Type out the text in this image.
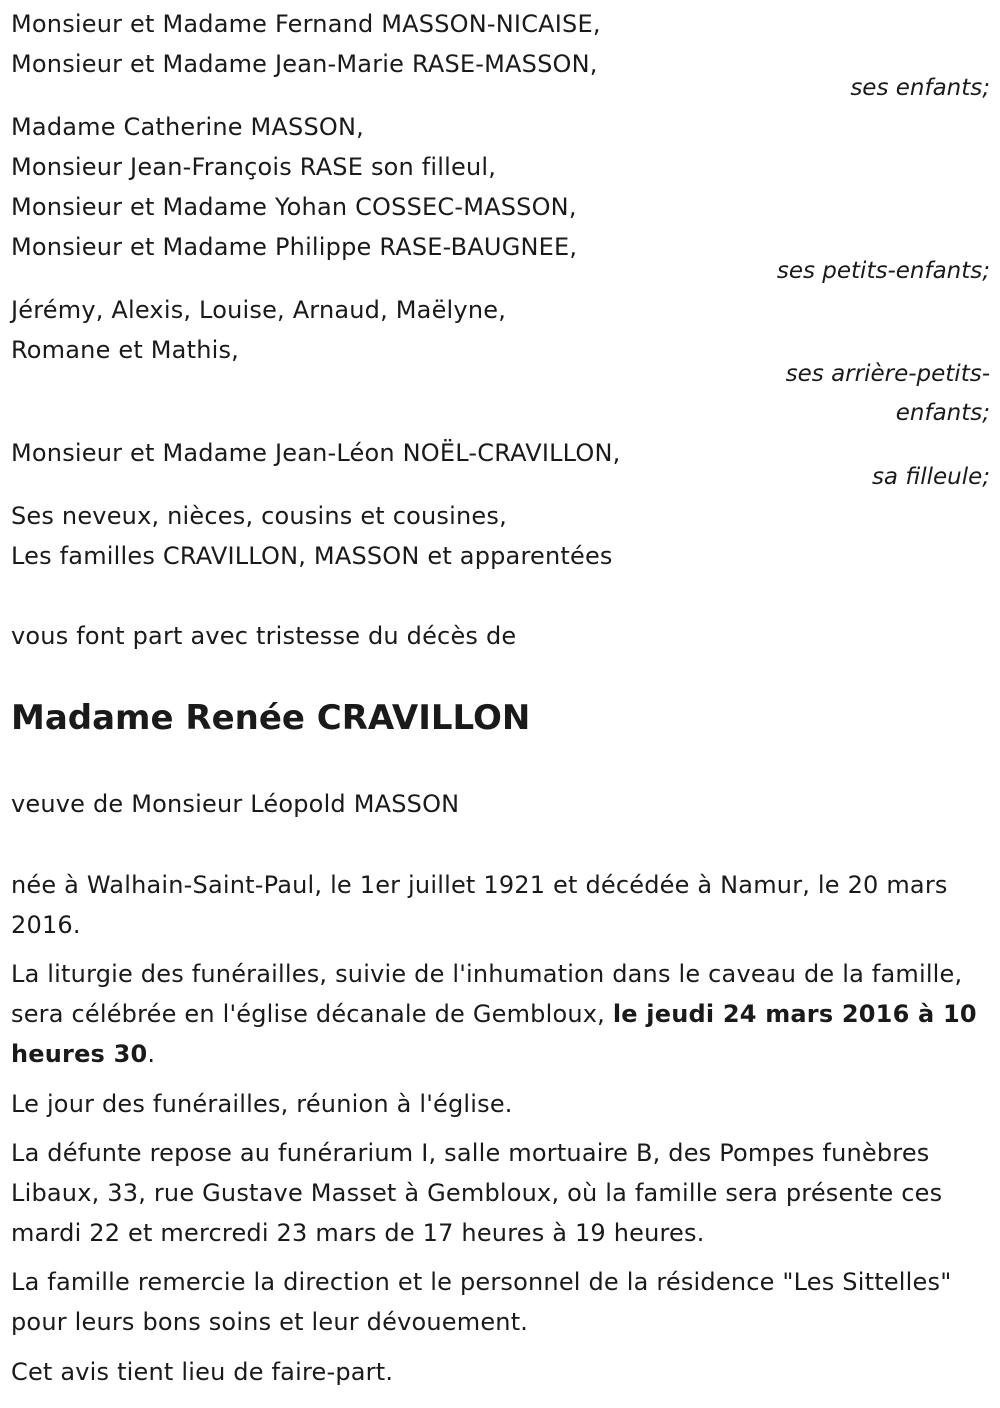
Monsieur et Madame Fernand MASSON-NICAISE,
Monsieur et Madame Jean-Marie RASE-MASSON,
ses enfants;
Madame Catherine MASSON,
Monsieur Jean-François RASE son filleul,
Monsieur et Madame Yohan COSSEC-MASSON,
Monsieur et Madame Philippe RASE-BAUGNEE,
ses petits-enfants;
Jérémy, Alexis, Louise, Arnaud, Maëlyne,
Romane et Mathis,
ses arrière-petits-
enfants;
Monsieur et Madame Jean-Léon NOËL-CRAVILLON,
sa filleule;
Ses neveux, nièces, cousins et cousines,
Les familles CRAVILLON, MASSON et apparentées
vous font part avec tristesse du décès de
Madame Renée CRAVILLON
veuve de Monsieur Léopold MASSON
née à Walhain-Saint-Paul, le 1er juillet 1921 et décédée à Namur, le 20 mars 2016.
La liturgie des funérailles, suivie de l'inhumation dans le caveau de la famille, sera célébrée en l'église décanale de Gembloux, le jeudi 24 mars 2016 à 10 heures 30.
Le jour des funérailles, réunion à l'église.
La défunte repose au funérarium I, salle mortuaire B, des Pompes funèbres Libaux, 33, rue Gustave Masset à Gembloux, où la famille sera présente ces mardi 22 et mercredi 23 mars de 17 heures à 19 heures.
La famille remercie la direction et le personnel de la résidence "Les Sittelles" pour leurs bons soins et leur dévouement.
Cet avis tient lieu de faire-part.
